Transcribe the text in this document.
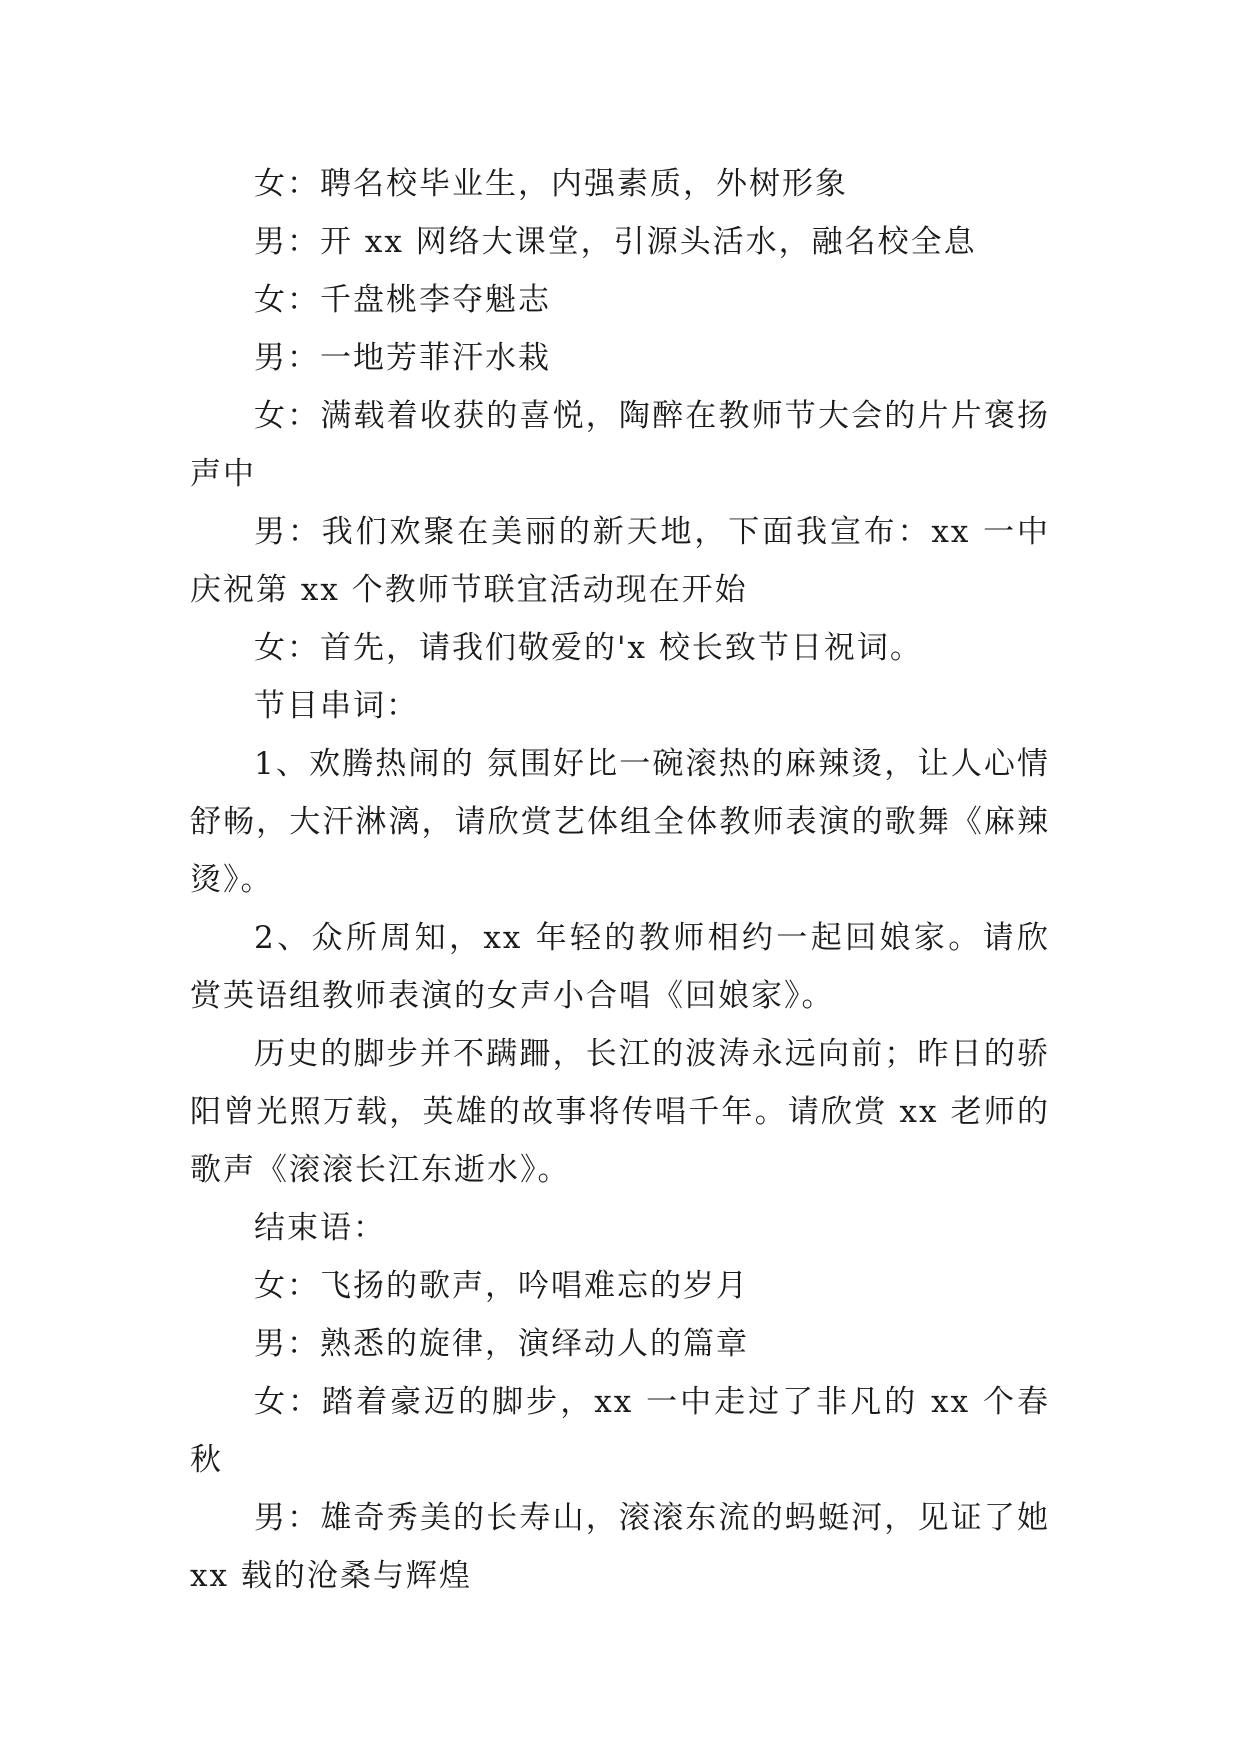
女：聘名校毕业生，内强素质，外树形象

男：开 xx 网络大课堂，引源头活水，融名校全息

女：千盘桃李夺魁志

男：一地芳菲汗水栽

女：满载着收获的喜悦，陶醉在教师节大会的片片褒扬声中

男：我们欢聚在美丽的新天地，下面我宣布：xx 一中庆祝第 xx 个教师节联宜活动现在开始

女：首先，请我们敬爱的'x 校长致节日祝词。

节目串词：

1、欢腾热闹的 氛围好比一碗滚热的麻辣烫，让人心情舒畅，大汗淋漓，请欣赏艺体组全体教师表演的歌舞《麻辣烫》。

2、众所周知，xx 年轻的教师相约一起回娘家。请欣赏英语组教师表演的女声小合唱《回娘家》。

历史的脚步并不蹒跚，长江的波涛永远向前；昨日的骄阳曾光照万载，英雄的故事将传唱千年。请欣赏 xx 老师的歌声《滚滚长江东逝水》。

结束语：

女：飞扬的歌声，吟唱难忘的岁月

男：熟悉的旋律，演绎动人的篇章

女：踏着豪迈的脚步，xx 一中走过了非凡的 xx 个春秋

男：雄奇秀美的长寿山，滚滚东流的蚂蜓河，见证了她 xx 载的沧桑与辉煌
